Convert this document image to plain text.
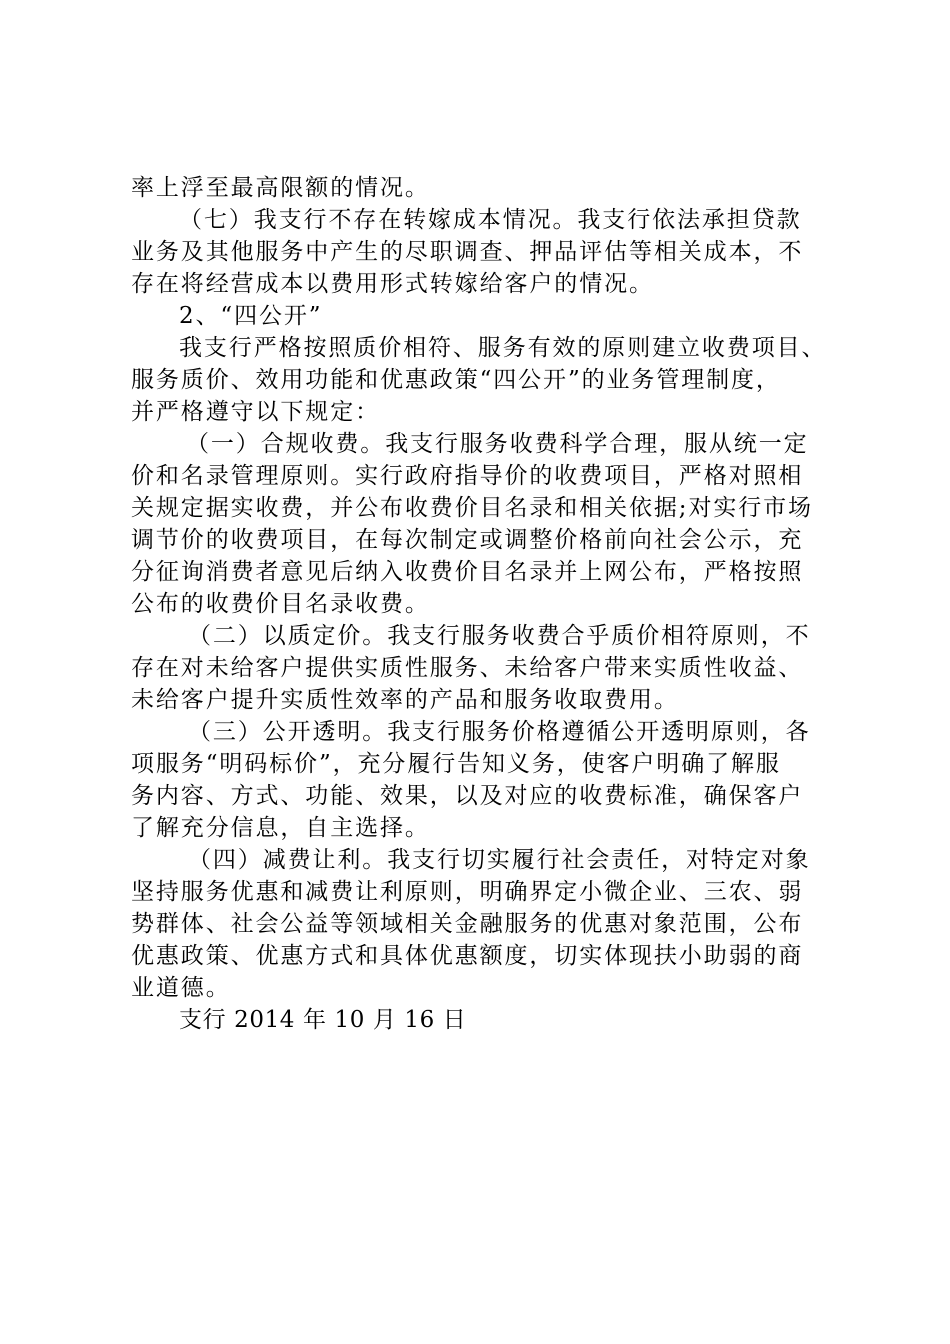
率上浮至最高限额的情况。
（七）我支行不存在转嫁成本情况。我支行依法承担贷款
业务及其他服务中产生的尽职调查、押品评估等相关成本，不
存在将经营成本以费用形式转嫁给客户的情况。
2、“四公开”
我支行严格按照质价相符、服务有效的原则建立收费项目、
服务质价、效用功能和优惠政策“四公开”的业务管理制度，
并严格遵守以下规定：
（一）合规收费。我支行服务收费科学合理，服从统一定
价和名录管理原则。实行政府指导价的收费项目，严格对照相
关规定据实收费，并公布收费价目名录和相关依据;对实行市场
调节价的收费项目，在每次制定或调整价格前向社会公示，充
分征询消费者意见后纳入收费价目名录并上网公布，严格按照
公布的收费价目名录收费。
（二）以质定价。我支行服务收费合乎质价相符原则，不
存在对未给客户提供实质性服务、未给客户带来实质性收益、
未给客户提升实质性效率的产品和服务收取费用。
（三）公开透明。我支行服务价格遵循公开透明原则，各
项服务“明码标价”，充分履行告知义务，使客户明确了解服
务内容、方式、功能、效果，以及对应的收费标准，确保客户
了解充分信息，自主选择。
（四）减费让利。我支行切实履行社会责任，对特定对象
坚持服务优惠和减费让利原则，明确界定小微企业、三农、弱
势群体、社会公益等领域相关金融服务的优惠对象范围，公布
优惠政策、优惠方式和具体优惠额度，切实体现扶小助弱的商
业道德。
支行 2014 年 10 月 16 日
